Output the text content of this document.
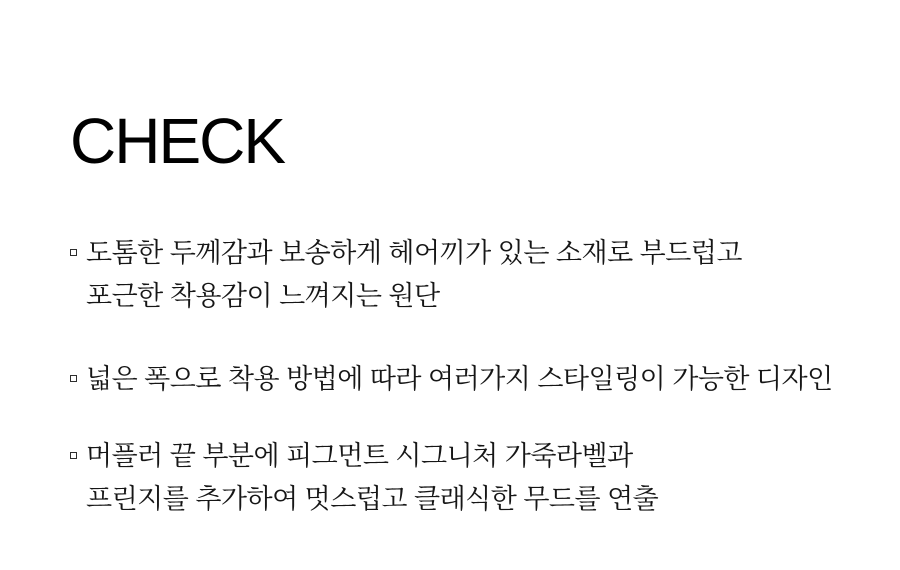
CHECK
도톰한 두께감과 보송하게 헤어끼가 있는 소재로 부드럽고
포근한 착용감이 느껴지는 원단
넓은 폭으로 착용 방법에 따라 여러가지 스타일링이 가능한 디자인
머플러 끝 부분에 피그먼트 시그니처 가죽라벨과
프린지를 추가하여 멋스럽고 클래식한 무드를 연출
